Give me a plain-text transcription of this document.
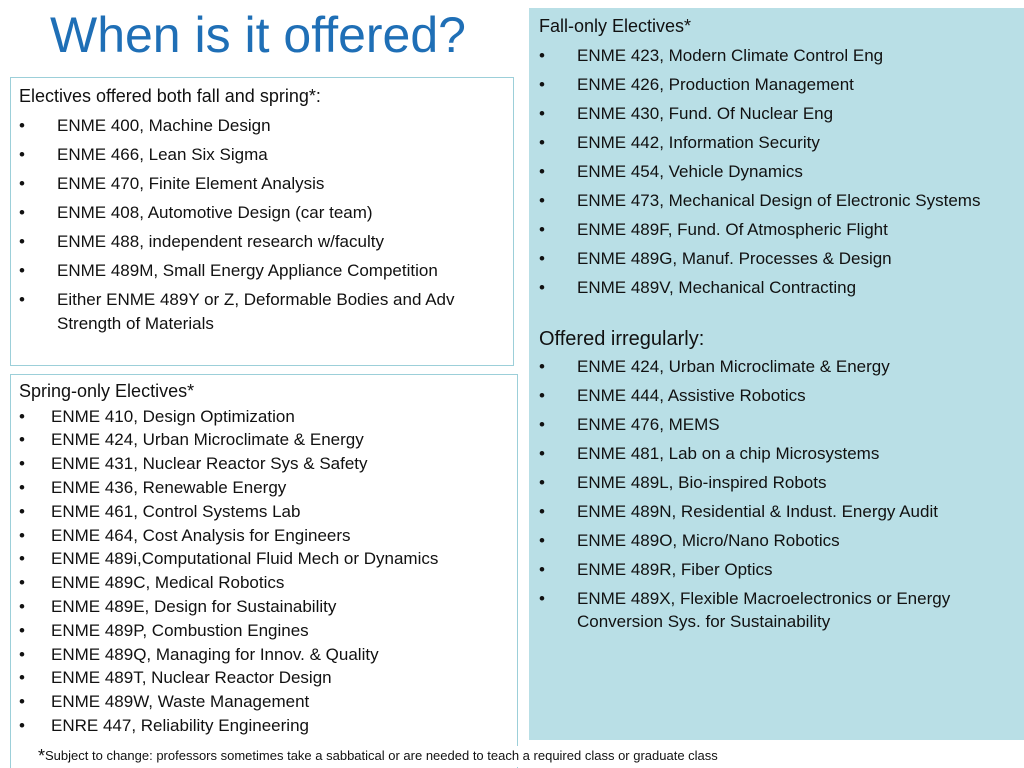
When is it offered?
Electives offered both fall and spring*:
• ENME 400, Machine Design
• ENME 466, Lean Six Sigma
• ENME 470, Finite Element Analysis
• ENME 408, Automotive Design (car team)
• ENME 488, independent research w/faculty
• ENME 489M, Small Energy Appliance Competition
• Either ENME 489Y or Z, Deformable Bodies and Adv Strength of Materials
Spring-only Electives*
• ENME 410, Design Optimization
• ENME 424, Urban Microclimate & Energy
• ENME 431, Nuclear Reactor Sys & Safety
• ENME 436, Renewable Energy
• ENME 461, Control Systems Lab
• ENME 464, Cost Analysis for Engineers
• ENME 489i,Computational Fluid Mech or Dynamics
• ENME 489C, Medical Robotics
• ENME 489E, Design for Sustainability
• ENME 489P, Combustion Engines
• ENME 489Q, Managing for Innov. & Quality
• ENME 489T, Nuclear Reactor Design
• ENME 489W, Waste Management
• ENRE 447, Reliability Engineering
Fall-only Electives*
• ENME 423, Modern Climate Control Eng
• ENME 426, Production Management
• ENME 430, Fund. Of Nuclear Eng
• ENME 442, Information Security
• ENME 454, Vehicle Dynamics
• ENME 473, Mechanical Design of Electronic Systems
• ENME 489F, Fund. Of Atmospheric Flight
• ENME 489G, Manuf. Processes & Design
• ENME 489V, Mechanical Contracting
Offered irregularly:
• ENME 424, Urban Microclimate & Energy
• ENME 444, Assistive Robotics
• ENME 476, MEMS
• ENME 481, Lab on a chip Microsystems
• ENME 489L, Bio-inspired Robots
• ENME 489N, Residential & Indust. Energy Audit
• ENME 489O, Micro/Nano Robotics
• ENME 489R, Fiber Optics
• ENME 489X, Flexible Macroelectronics or Energy Conversion Sys. for Sustainability
*Subject to change: professors sometimes take a sabbatical or are needed to teach a required class or graduate class
